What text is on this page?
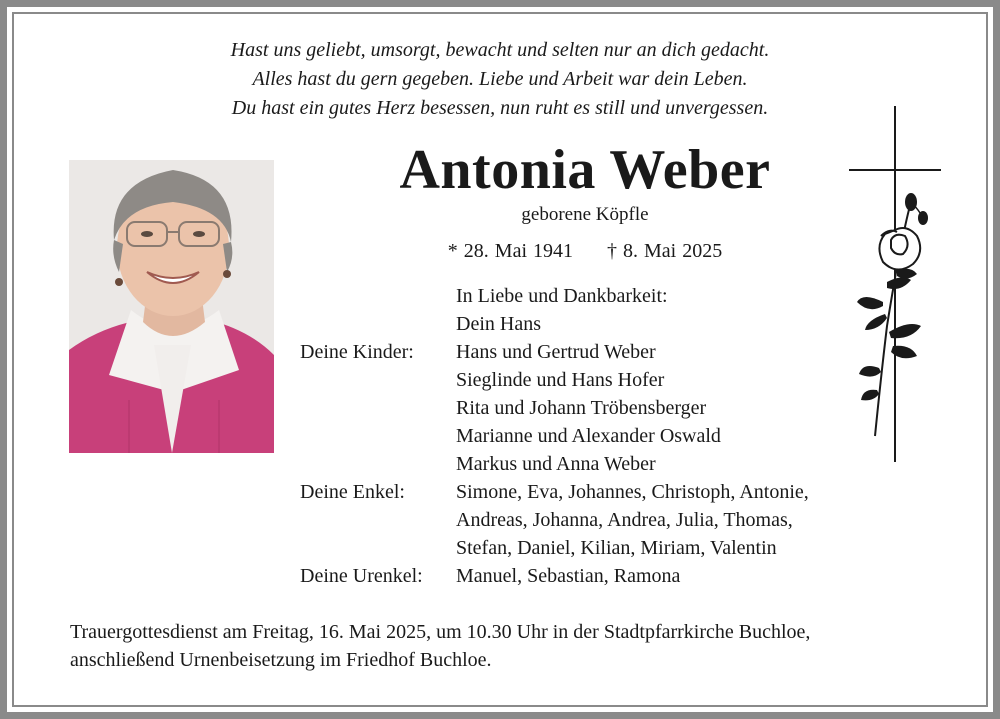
Hast uns geliebt, umsorgt, bewacht und selten nur an dich gedacht.
Alles hast du gern gegeben. Liebe und Arbeit war dein Leben.
Du hast ein gutes Herz besessen, nun ruht es still und unvergessen.
Antonia Weber
geborene Köpfle
* 28. Mai 1941 † 8. Mai 2025
In Liebe und Dankbarkeit:
Dein Hans
Deine Kinder:	Hans und Gertrud Weber
Sieglinde und Hans Hofer
Rita und Johann Tröbensberger
Marianne und Alexander Oswald
Markus und Anna Weber
Deine Enkel:	Simone, Eva, Johannes, Christoph, Antonie,
Andreas, Johanna, Andrea, Julia, Thomas,
Stefan, Daniel, Kilian, Miriam, Valentin
Deine Urenkel:	Manuel, Sebastian, Ramona
Trauergottesdienst am Freitag, 16. Mai 2025, um 10.30 Uhr in der Stadtpfarrkirche Buchloe,
anschließend Urnenbeisetzung im Friedhof Buchloe.
